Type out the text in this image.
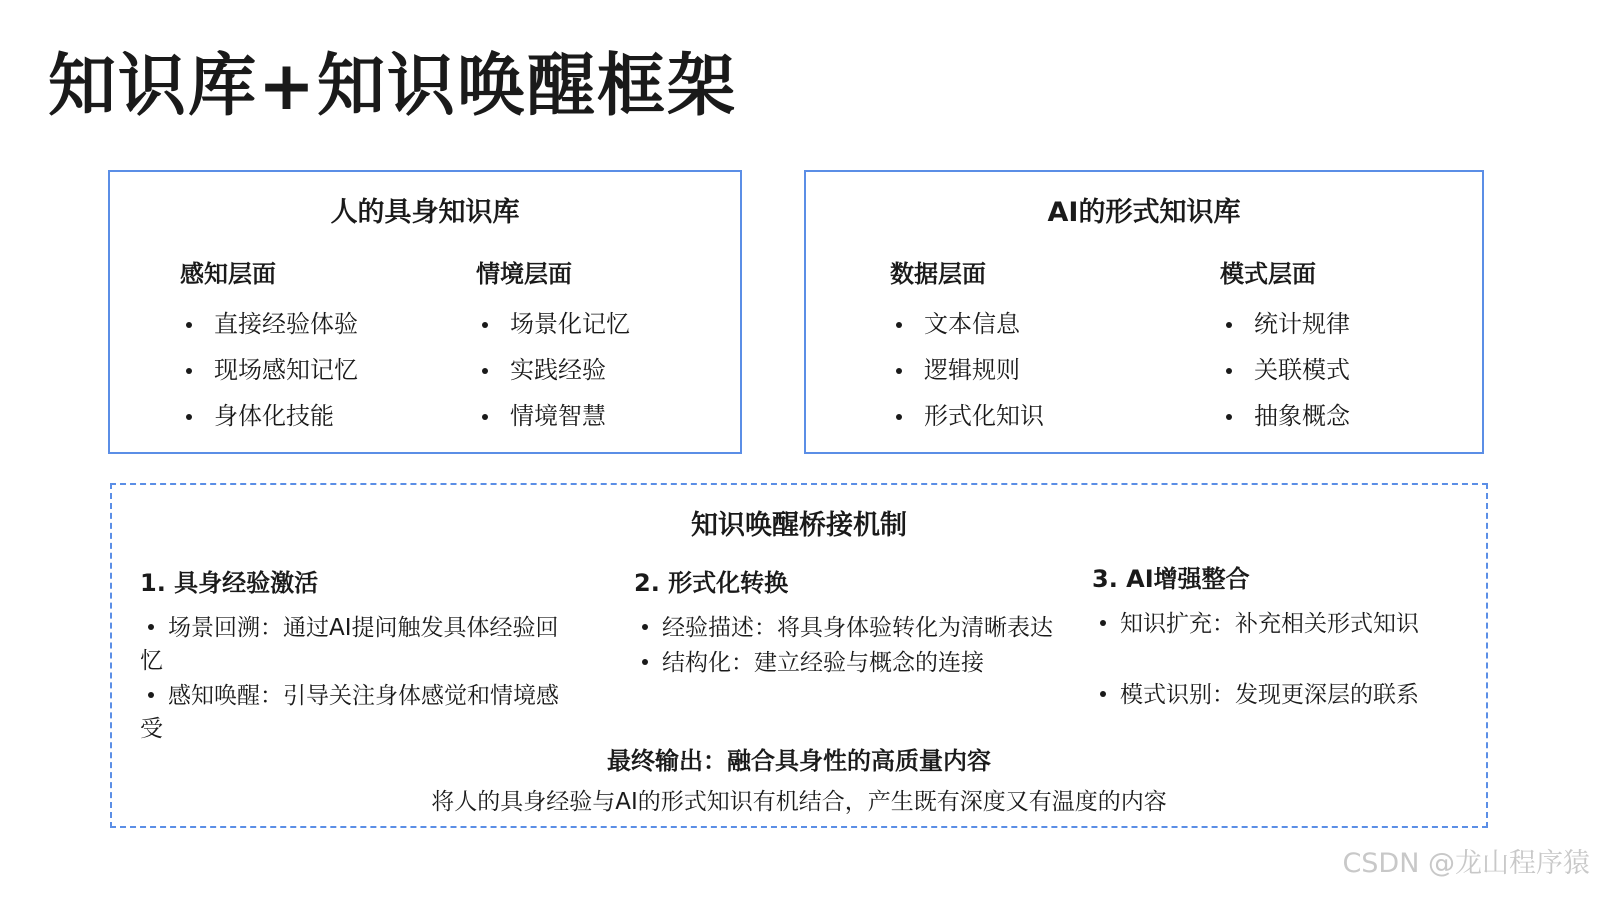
知识库+知识唤醒框架
人的具身知识库
感知层面
直接经验体验
现场感知记忆
身体化技能
情境层面
场景化记忆
实践经验
情境智慧
AI的形式知识库
数据层面
文本信息
逻辑规则
形式化知识
模式层面
统计规律
关联模式
抽象概念
知识唤醒桥接机制
1. 具身经验激活
场景回溯：通过AI提问触发具体经验回忆
感知唤醒：引导关注身体感觉和情境感受
2. 形式化转换
经验描述：将具身体验转化为清晰表达
结构化：建立经验与概念的连接
3. AI增强整合
知识扩充：补充相关形式知识
模式识别：发现更深层的联系
最终输出：融合具身性的高质量内容
将人的具身经验与AI的形式知识有机结合，产生既有深度又有温度的内容
CSDN @龙山程序猿
